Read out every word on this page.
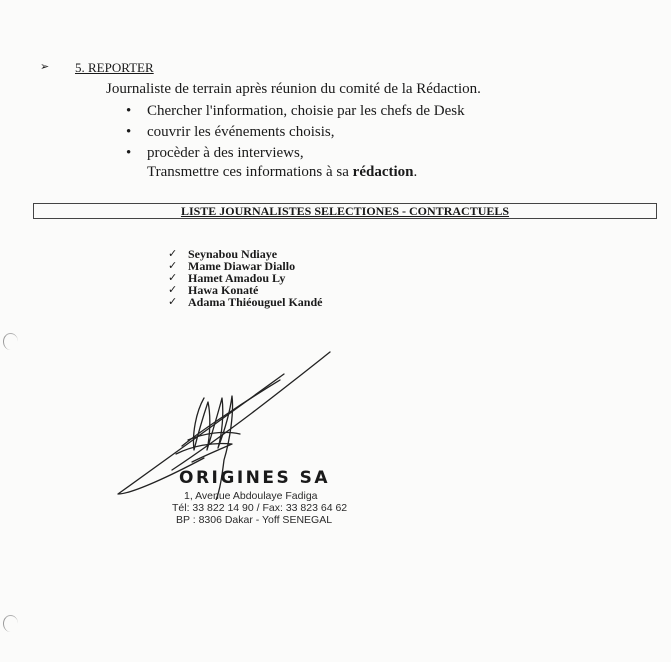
➢ 5. REPORTER
Journaliste de terrain après réunion du comité de la Rédaction.
• Chercher l'information, choisie par les chefs de Desk
• couvrir les événements choisis,
• procèder à des interviews,
Transmettre ces informations à sa rédaction.
LISTE JOURNALISTES SELECTIONES - CONTRACTUELS
✓ Seynabou Ndiaye
✓ Mame Diawar Diallo
✓ Hamet Amadou Ly
✓ Hawa Konaté
✓ Adama Thiéouguel Kandé
ORIGINES SA
1, Avenue Abdoulaye Fadiga
Tél: 33 822 14 90 / Fax: 33 823 64 62
BP : 8306 Dakar - Yoff SENEGAL
